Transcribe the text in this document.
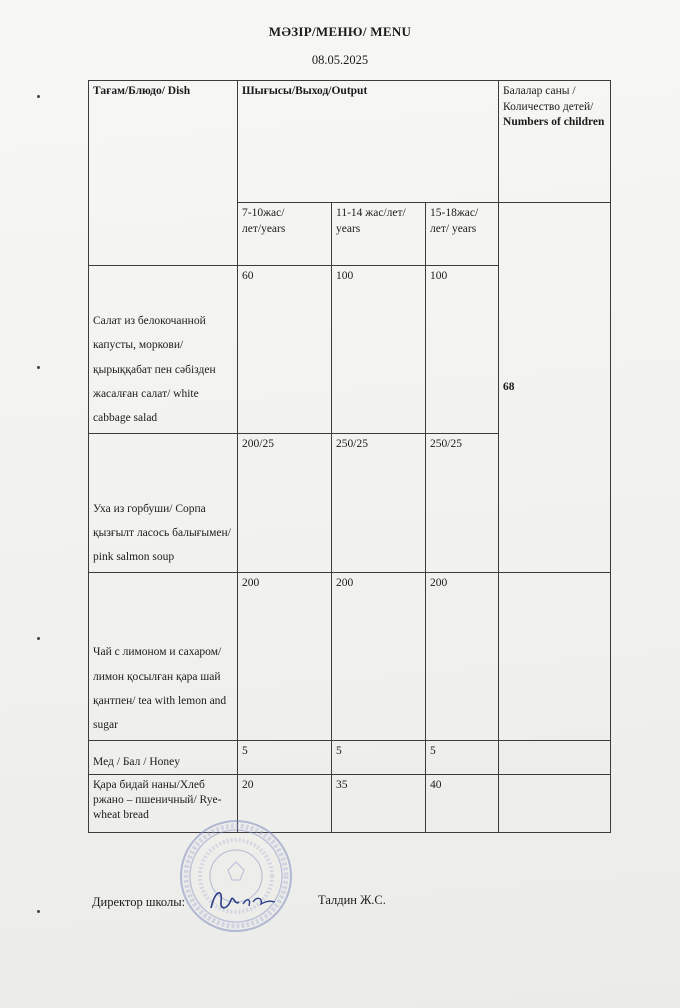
МӘЗІР/МЕНЮ/ MENU
08.05.2025
Тағам/Блюдо/ Dish	Шығысы/Выход/Output			Балалар саны /Количество детей/
Numbers of children

	7-10жас/лет/years	11-14 жас/лет/ years	15-18жас/лет/ years	68
Салат из белокочанной капусты, моркови/ қырыққабат пен сәбізден жасалған салат/ white cabbage salad	60	100	100	
Уха из горбуши/ Сорпа қызғылт ласось балығымен/ pink salmon soup	200/25	250/25	250/25	
Чай с лимоном и сахаром/ лимон қосылған қара шай қантпен/ tea with lemon and sugar	200	200	200	
Мед / Бал / Honey	5	5	5	
Қара бидай наны/Хлеб ржано – пшеничный/ Rye-wheat bread	20	35	40	
Директор школы:	Талдин Ж.С.
